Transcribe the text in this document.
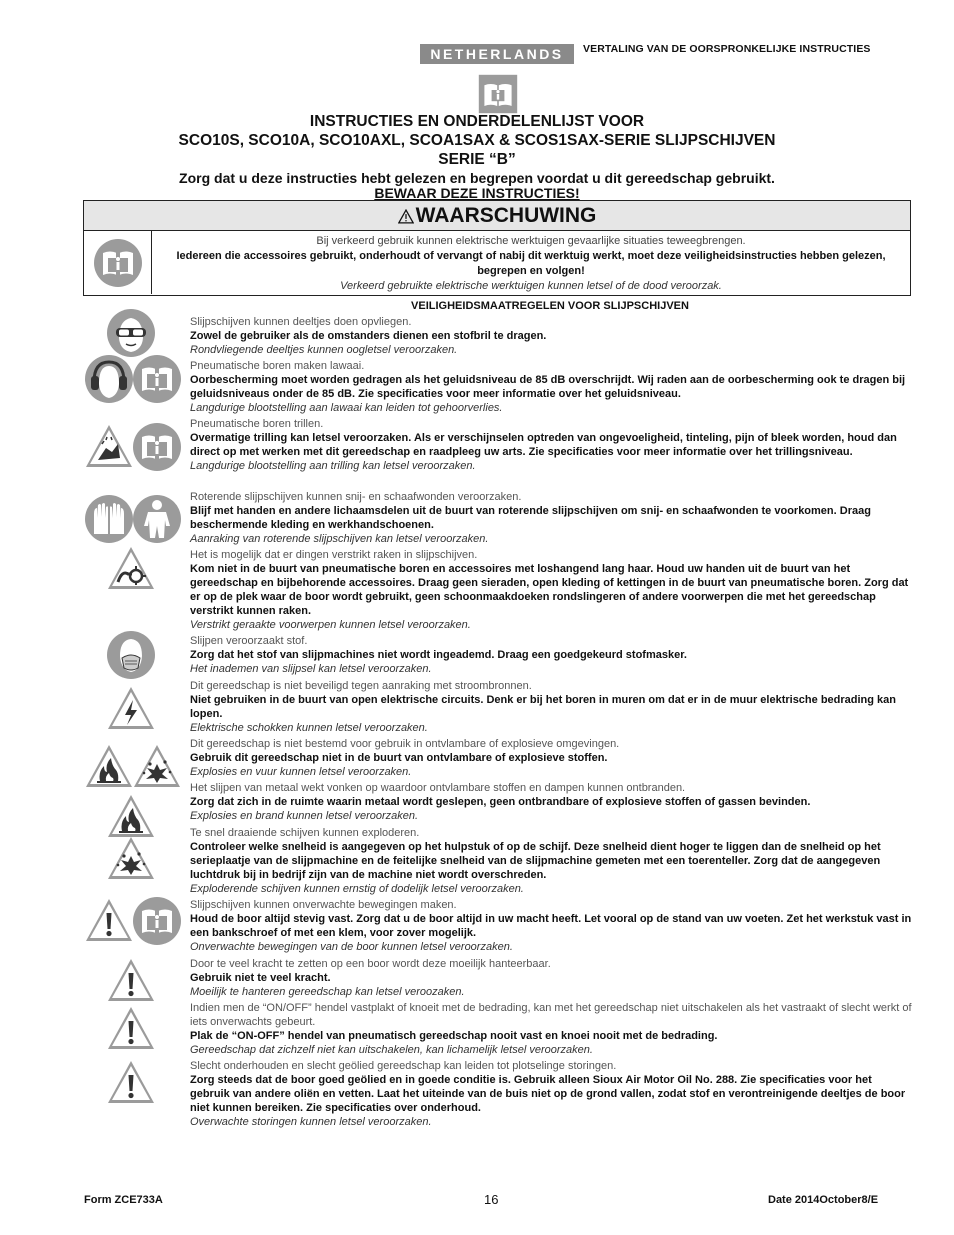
NETHERLANDS	VERTALING VAN DE OORSPRONKELIJKE INSTRUCTIES
INSTRUCTIES EN ONDERDELENLIJST VOOR
SCO10S, SCO10A, SCO10AXL, SCOA1SAX & SCOS1SAX-SERIE SLIJPSCHIJVEN
SERIE “B”
Zorg dat u deze instructies hebt gelezen en begrepen voordat u dit gereedschap gebruikt.
BEWAAR DEZE INSTRUCTIES!
WAARSCHUWING
Bij verkeerd gebruik kunnen elektrische werktuigen gevaarlijke situaties teweegbrengen.
Iedereen die accessoires gebruikt, onderhoudt of vervangt of nabij dit werktuig werkt, moet deze veiligheidsinstructies hebben gelezen, begrepen en volgen!
Verkeerd gebruikte elektrische werktuigen kunnen letsel of de dood veroorzak.
VEILIGHEIDSMAATREGELEN VOOR SLIJPSCHIJVEN
Slijpschijven kunnen deeltjes doen opvliegen.
Zowel de gebruiker als de omstanders dienen een stofbril te dragen.
Rondvliegende deeltjes kunnen oogletsel veroorzaken.
Pneumatische boren maken lawaai.
Oorbescherming moet worden gedragen als het geluidsniveau de 85 dB overschrijdt. Wij raden aan de oorbescherming ook te dragen bij geluidsniveaus onder de 85 dB. Zie specificaties voor meer informatie over het geluidsniveau.
Langdurige blootstelling aan lawaai kan leiden tot gehoorverlies.
Pneumatische boren trillen.
Overmatige trilling kan letsel veroorzaken. Als er verschijnselen optreden van ongevoeligheid, tinteling, pijn of bleek worden, houd dan direct op met werken met dit gereedschap en raadpleeg uw arts. Zie specificaties voor meer informatie over het trillingsniveau.
Langdurige blootstelling aan trilling kan letsel veroorzaken.
Roterende slijpschijven kunnen snij- en schaafwonden veroorzaken.
Blijf met handen en andere lichaamsdelen uit de buurt van roterende slijpschijven om snij- en schaafwonden te voorkomen. Draag beschermende kleding en werkhandschoenen.
Aanraking van roterende slijpschijven kan letsel veroorzaken.
Het is mogelijk dat er dingen verstrikt raken in slijpschijven.
Kom niet in de buurt van pneumatische boren en accessoires met loshangend lang haar. Houd uw handen uit de buurt van het gereedschap en bijbehorende accessoires. Draag geen sieraden, open kleding of kettingen in de buurt van pneumatische boren. Zorg dat er op de plek waar de boor wordt gebruikt, geen schoonmaakdoeken rondslingeren of andere voorwerpen die met het gereedschap verstrikt kunnen raken.
Verstrikt geraakte voorwerpen kunnen letsel veroorzaken.
Slijpen veroorzaakt stof.
Zorg dat het stof van slijpmachines niet wordt ingeademd. Draag een goedgekeurd stofmasker.
Het inademen van slijpsel kan letsel veroorzaken.
Dit gereedschap is niet beveiligd tegen aanraking met stroombronnen.
Niet gebruiken in de buurt van open elektrische circuits. Denk er bij het boren in muren om dat er in de muur elektrische bedrading kan lopen.
Elektrische schokken kunnen letsel veroorzaken.
Dit gereedschap is niet bestemd voor gebruik in ontvlambare of explosieve omgevingen.
Gebruik dit gereedschap niet in de buurt van ontvlambare of explosieve stoffen.
Explosies en vuur kunnen letsel veroorzaken.
Het slijpen van metaal wekt vonken op waardoor ontvlambare stoffen en dampen kunnen ontbranden.
Zorg dat zich in de ruimte waarin metaal wordt geslepen, geen ontbrandbare of explosieve stoffen of gassen bevinden.
Explosies en brand kunnen letsel veroorzaken.
Te snel draaiende schijven kunnen exploderen.
Controleer welke snelheid is aangegeven op het hulpstuk of op de schijf. Deze snelheid dient hoger te liggen dan de snelheid op het serieplaatje van de slijpmachine en de feitelijke snelheid van de slijpmachine gemeten met een toerenteller. Zorg dat de aangegeven luchtdruk bij in bedrijf zijn van de machine niet wordt overschreden.
Exploderende schijven kunnen ernstig of dodelijk letsel veroorzaken.
Slijpschijven kunnen onverwachte bewegingen maken.
Houd de boor altijd stevig vast. Zorg dat u de boor altijd in uw macht heeft. Let vooral op de stand van uw voeten. Zet het werkstuk vast in een bankschroef of met een klem, voor zover mogelijk.
Onverwachte bewegingen van de boor kunnen letsel veroorzaken.
Door te veel kracht te zetten op een boor wordt deze moeilijk hanteerbaar.
Gebruik niet te veel kracht.
Moeilijk te hanteren gereedschap kan letsel veroozaken.
Indien men de “ON/OFF” hendel vastplakt of knoeit met de bedrading, kan met het gereedschap niet uitschakelen als het vastraakt of slecht werkt of iets onverwachts gebeurt.
Plak de “ON-OFF” hendel van pneumatisch gereedschap nooit vast en knoei nooit met de bedrading.
Gereedschap dat zichzelf niet kan uitschakelen, kan lichamelijk letsel veroorzaken.
Slecht onderhouden en slecht geölied gereedschap kan leiden tot plotselinge storingen.
Zorg steeds dat de boor goed geölied en in goede conditie is. Gebruik alleen Sioux Air Motor Oil No. 288. Zie specificaties voor het gebruik van andere oliën en vetten. Laat het uiteinde van de buis niet op de grond vallen, zodat stof en verontreinigende deeltjes de boor niet kunnen bereiken. Zie specificaties over onderhoud.
Overwachte storingen kunnen letsel veroorzaken.
Form ZCE733A	16	Date 2014October8/E
